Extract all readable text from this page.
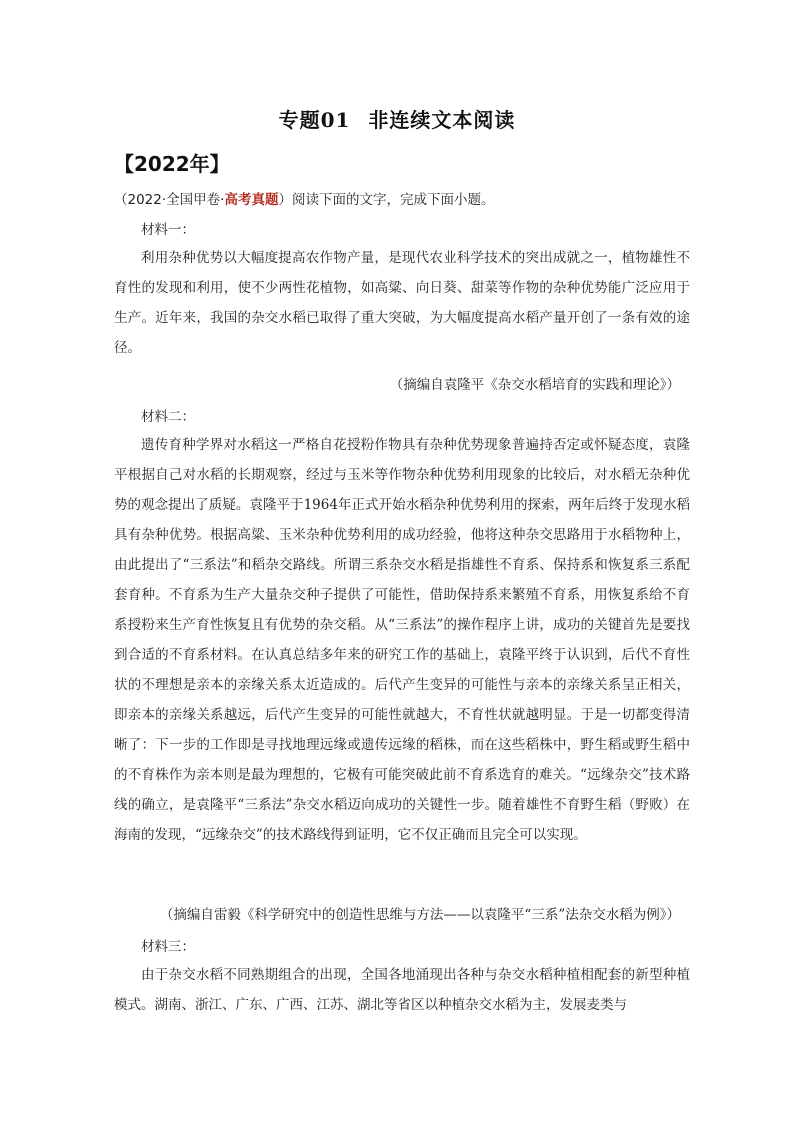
专题01 非连续文本阅读
【2022年】
（2022·全国甲卷·高考真题）阅读下面的文字，完成下面小题。
材料一：
利用杂种优势以大幅度提高农作物产量，是现代农业科学技术的突出成就之一，植物雄性不育性的发现和利用，使不少两性花植物，如高粱、向日葵、甜菜等作物的杂种优势能广泛应用于生产。近年来，我国的杂交水稻已取得了重大突破，为大幅度提高水稻产量开创了一条有效的途径。
（摘编自袁隆平《杂交水稻培育的实践和理论》）
材料二：
遗传育种学界对水稻这一严格自花授粉作物具有杂种优势现象普遍持否定或怀疑态度，袁隆平根据自己对水稻的长期观察，经过与玉米等作物杂种优势利用现象的比较后，对水稻无杂种优势的观念提出了质疑。袁隆平于1964年正式开始水稻杂种优势利用的探索，两年后终于发现水稻具有杂种优势。根据高粱、玉米杂种优势利用的成功经验，他将这种杂交思路用于水稻物种上，由此提出了“三系法”和稻杂交路线。所谓三系杂交水稻是指雄性不育系、保持系和恢复系三系配套育种。不育系为生产大量杂交种子提供了可能性，借助保持系来繁殖不育系，用恢复系给不育系授粉来生产育性恢复且有优势的杂交稻。从“三系法”的操作程序上讲，成功的关键首先是要找到合适的不育系材料。在认真总结多年来的研究工作的基础上，袁隆平终于认识到，后代不育性状的不理想是亲本的亲缘关系太近造成的。后代产生变异的可能性与亲本的亲缘关系呈正相关，即亲本的亲缘关系越远，后代产生变异的可能性就越大，不育性状就越明显。于是一切都变得清晰了：下一步的工作即是寻找地理远缘或遗传远缘的稻株，而在这些稻株中，野生稻或野生稻中的不育株作为亲本则是最为理想的，它极有可能突破此前不育系选育的难关。“远缘杂交”技术路线的确立，是袁隆平“三系法”杂交水稻迈向成功的关键性一步。随着雄性不育野生稻（野败）在海南的发现，“远缘杂交”的技术路线得到证明，它不仅正确而且完全可以实现。
（摘编自雷毅《科学研究中的创造性思维与方法——以袁隆平“三系”法杂交水稻为例》）
材料三：
由于杂交水稻不同熟期组合的出现，全国各地涌现出各种与杂交水稻种植相配套的新型种植模式。湖南、浙江、广东、广西、江苏、湖北等省区以种植杂交水稻为主，发展麦类与
